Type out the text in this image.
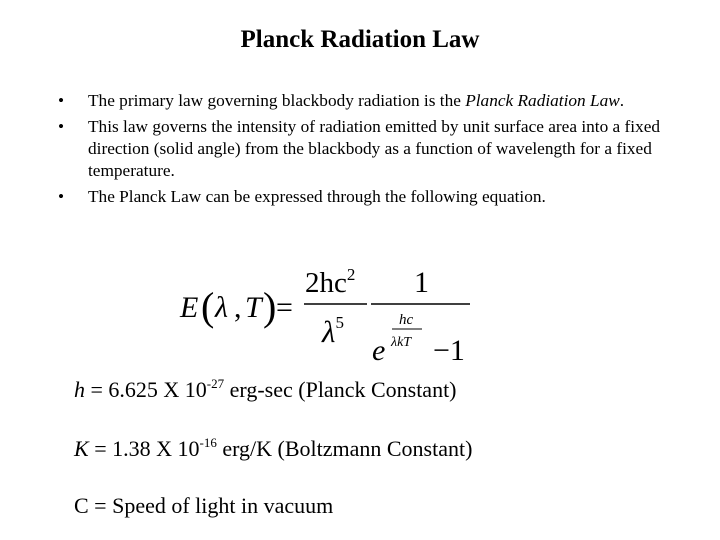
Planck Radiation Law
• The primary law governing blackbody radiation is the Planck Radiation Law.
• This law governs the intensity of radiation emitted by unit surface area into a fixed direction (solid angle) from the blackbody as a function of wavelength for a fixed temperature.
• The Planck Law can be expressed through the following equation.
E ( λ , T ) =
$2hc^2$
$\lambda^5$
1
hc
e λkT −1
h = 6.625 X $10^{-27}$ erg-sec (Planck Constant)
K = 1.38 X $10^{-16}$ erg/K (Boltzmann Constant)
C = Speed of light in vacuum
